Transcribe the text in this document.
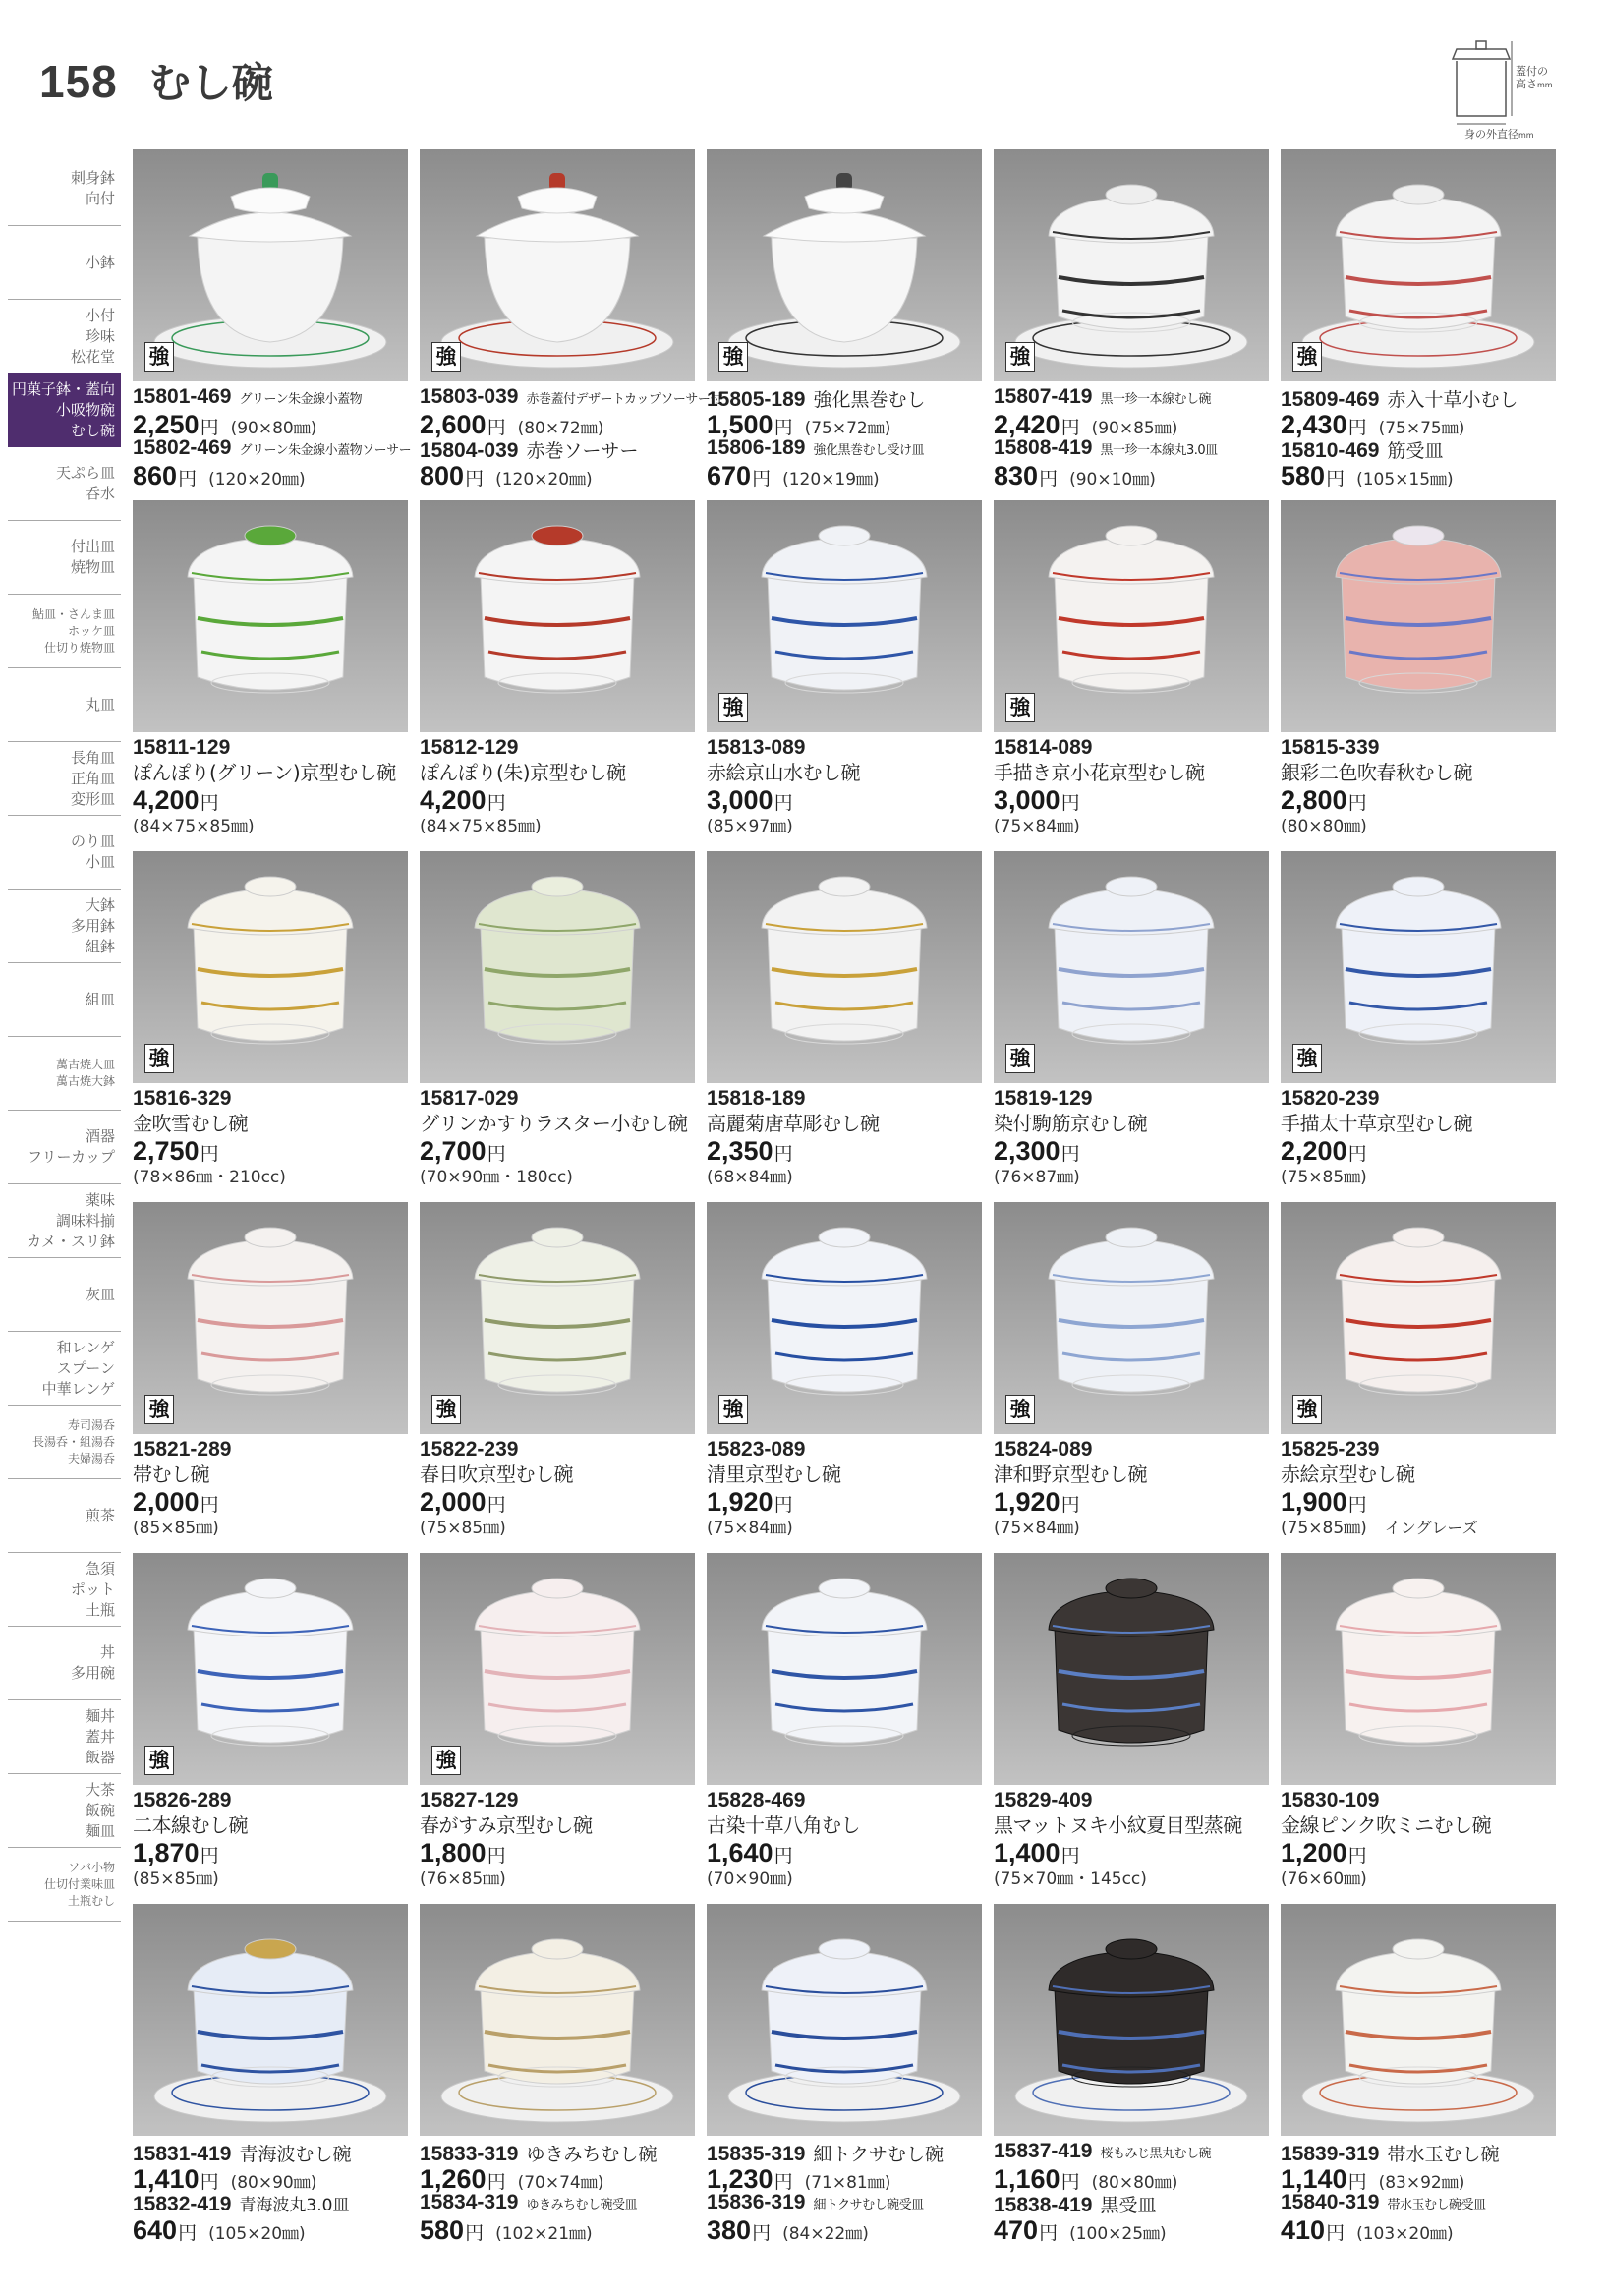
158 むし碗	蓋付の
高さmm
身の外直径mm
刺身鉢
向付
小鉢
小付
珍味
松花堂
円菓子鉢・蓋向
小吸物碗
むし碗
天ぷら皿
呑水
付出皿
焼物皿
鮎皿・さんま皿
ホッケ皿
仕切り焼物皿
丸皿
長角皿
正角皿
変形皿
のり皿
小皿
大鉢
多用鉢
組鉢
組皿
萬古焼大皿
萬古焼大鉢
酒器
フリーカップ
薬味
調味料揃
カメ・スリ鉢
灰皿
和レンゲ
スプーン
中華レンゲ
寿司湯呑
長湯呑・組湯呑
夫婦湯呑
煎茶
急須
ポット
土瓶
丼
多用碗
麺丼
蓋丼
飯器
大茶
飯碗
麺皿
ソバ小物
仕切付業味皿
土瓶むし
強
15801-469 グリーン朱金線小蓋物
2,250 円 (90×80㎜)
15802-469 グリーン朱金線小蓋物ソーサー
860 円 (120×20㎜)
強
15803-039 赤巻蓋付デザートカップソーサー付
2,600 円 (80×72㎜)
15804-039 赤巻ソーサー
800 円 (120×20㎜)
強
15805-189 強化黒巻むし
1,500 円 (75×72㎜)
15806-189 強化黒巻むし受け皿
670 円 (120×19㎜)
強
15807-419 黒一珍一本線むし碗
2,420 円 (90×85㎜)
15808-419 黒一珍一本線丸3.0皿
830 円 (90×10㎜)
強
15809-469 赤入十草小むし
2,430 円 (75×75㎜)
15810-469 筋受皿
580 円 (105×15㎜)
15811-129
ぽんぽり(グリーン)京型むし碗
4,200 円
(84×75×85㎜)
15812-129
ぽんぽり(朱)京型むし碗
4,200 円
(84×75×85㎜)
強
15813-089
赤絵京山水むし碗
3,000 円
(85×97㎜)
強
15814-089
手描き京小花京型むし碗
3,000 円
(75×84㎜)
15815-339
銀彩二色吹春秋むし碗
2,800 円
(80×80㎜)
強
15816-329
金吹雪むし碗
2,750 円
(78×86㎜・210cc)
15817-029
グリンかすりラスター小むし碗
2,700 円
(70×90㎜・180cc)
15818-189
高麗菊唐草彫むし碗
2,350 円
(68×84㎜)
強
15819-129
染付駒筋京むし碗
2,300 円
(76×87㎜)
強
15820-239
手描太十草京型むし碗
2,200 円
(75×85㎜)
強
15821-289
帯むし碗
2,000 円
(85×85㎜)
強
15822-239
春日吹京型むし碗
2,000 円
(75×85㎜)
強
15823-089
清里京型むし碗
1,920 円
(75×84㎜)
強
15824-089
津和野京型むし碗
1,920 円
(75×84㎜)
強
15825-239
赤絵京型むし碗
1,900 円
(75×85㎜) イングレーズ
強
15826-289
二本線むし碗
1,870 円
(85×85㎜)
強
15827-129
春がすみ京型むし碗
1,800 円
(76×85㎜)
15828-469
古染十草八角むし
1,640 円
(70×90㎜)
15829-409
黒マットヌキ小紋夏目型蒸碗
1,400 円
(75×70㎜・145cc)
15830-109
金線ピンク吹ミニむし碗
1,200 円
(76×60㎜)
15831-419 青海波むし碗
1,410 円 (80×90㎜)
15832-419 青海波丸3.0皿
640 円 (105×20㎜)
15833-319 ゆきみちむし碗
1,260 円 (70×74㎜)
15834-319 ゆきみちむし碗受皿
580 円 (102×21㎜)
15835-319 細トクサむし碗
1,230 円 (71×81㎜)
15836-319 細トクサむし碗受皿
380 円 (84×22㎜)
15837-419 桜もみじ黒丸むし碗
1,160 円 (80×80㎜)
15838-419 黒受皿
470 円 (100×25㎜)
15839-319 帯水玉むし碗
1,140 円 (83×92㎜)
15840-319 帯水玉むし碗受皿
410 円 (103×20㎜)
